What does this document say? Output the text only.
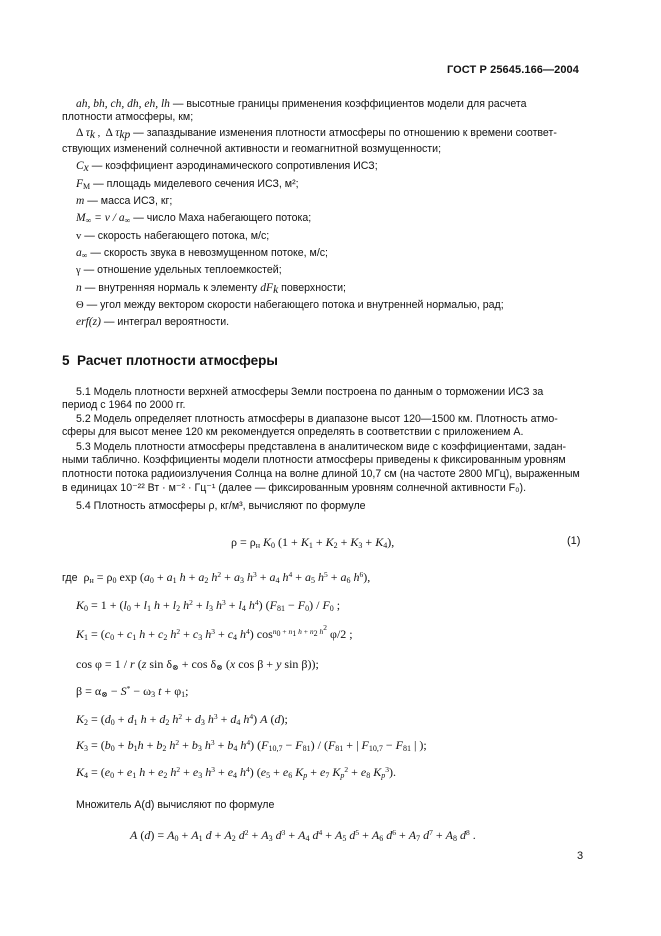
ГОСТ Р 25645.166—2004
ah, bh, ch, dh, eh, lh — высотные границы применения коэффициентов модели для расчета
плотности атмосферы, км;
Δ $\tau_k$ ,  Δ $\tau_{kp}$ — запаздывание изменения плотности атмосферы по отношению к времени соответ-
ствующих изменений солнечной активности и геомагнитной возмущенности;
$C_x$ — коэффициент аэродинамического сопротивления ИСЗ;
$F_M$ — площадь миделевого сечения ИСЗ, м²;
m — масса ИСЗ, кг;
$M_\infty = v / a_\infty$ — число Маха набегающего потока;
v — скорость набегающего потока, м/с;
$a_\infty$ — скорость звука в невозмущенном потоке, м/с;
γ — отношение удельных теплоемкостей;
n — внутренняя нормаль к элементу $dF_k$ поверхности;
Θ — угол между вектором скорости набегающего потока и внутренней нормалью, рад;
erf(z) — интеграл вероятности.
5 Расчет плотности атмосферы
5.1 Модель плотности верхней атмосферы Земли построена по данным о торможении ИСЗ за
период с 1964 по 2000 гг.
5.2 Модель определяет плотность атмосферы в диапазоне высот 120—1500 км. Плотность атмо-
сферы для высот менее 120 км рекомендуется определять в соответствии с приложением А.
5.3 Модель плотности атмосферы представлена в аналитическом виде с коэффициентами, задан-
ными таблично. Коэффициенты модели плотности атмосферы приведены к фиксированным уровням
плотности потока радиоизлучения Солнца на волне длиной 10,7 см (на частоте 2800 МГц), выраженным
в единицах 10⁻²² Вт · м⁻² · Гц⁻¹ (далее — фиксированным уровням солнечной активности F₀).
5.4 Плотность атмосферы ρ, кг/м³, вычисляют по формуле
$\rho = \rho_н$ $K_0$ $(1 + K_1 + K_2 + K_3 + K_4)$,	(1)
где  $\rho_н = \rho_0$ $\exp (a_0 + a_1$ $h + a_2$ $h^2 + a_3$ $h^3 + a_4$ $h^4 + a_5$ $h^5 + a_6$ $h^6$),
$K_0 = 1 + (l_0 + l_1$ $h + l_2$ $h^2 + l_3$ $h^3 + l_4$ $h^4$) $(F_{81} - F_0) / F_0$ ;
$K_1 = (c_0 + c_1$ $h + c_2$ $h^2 + c_3$ $h^3 + c_4$ $h^4$) $\cos^{n_0 + n_1 h + n_2 h^2} \varphi/2$ ;
cos φ = 1 / r (z $\sin \delta_\otimes + \cos \delta_\otimes$ (x cos β + y sin β));
$\beta = \alpha_\otimes - S^* - \omega_3$ $t + \varphi_1$;
$K_2 = (d_0 + d_1$ $h + d_2$ $h^2 + d_3$ $h^3 + d_4$ $h^4$) A (d);
$K_3 = (b_0 + b_1h + b_2$ $h^2 + b_3$ $h^3 + b_4$ $h^4$) $(F_{10,7} - F_{81}) / (F_{81}$ + | $F_{10,7} - F_{81}$ | );
$K_4 = (e_0 + e_1$ $h + e_2$ $h^2 + e_3$ $h^3 + e_4$ $h^4$) ($e_5 + e_6$ $K_p + e_7$ $K_p^2 + e_8$ $K_p^3$).
Множитель A(d) вычисляют по формуле
A $(d) = A_0 + A_1$ $d + A_2$ $d^2 + A_3$ $d^3 + A_4$ $d^4 + A_5$ $d^5 + A_6$ $d^6 + A_7$ $d^7 + A_8$ $d^8$ .
3
